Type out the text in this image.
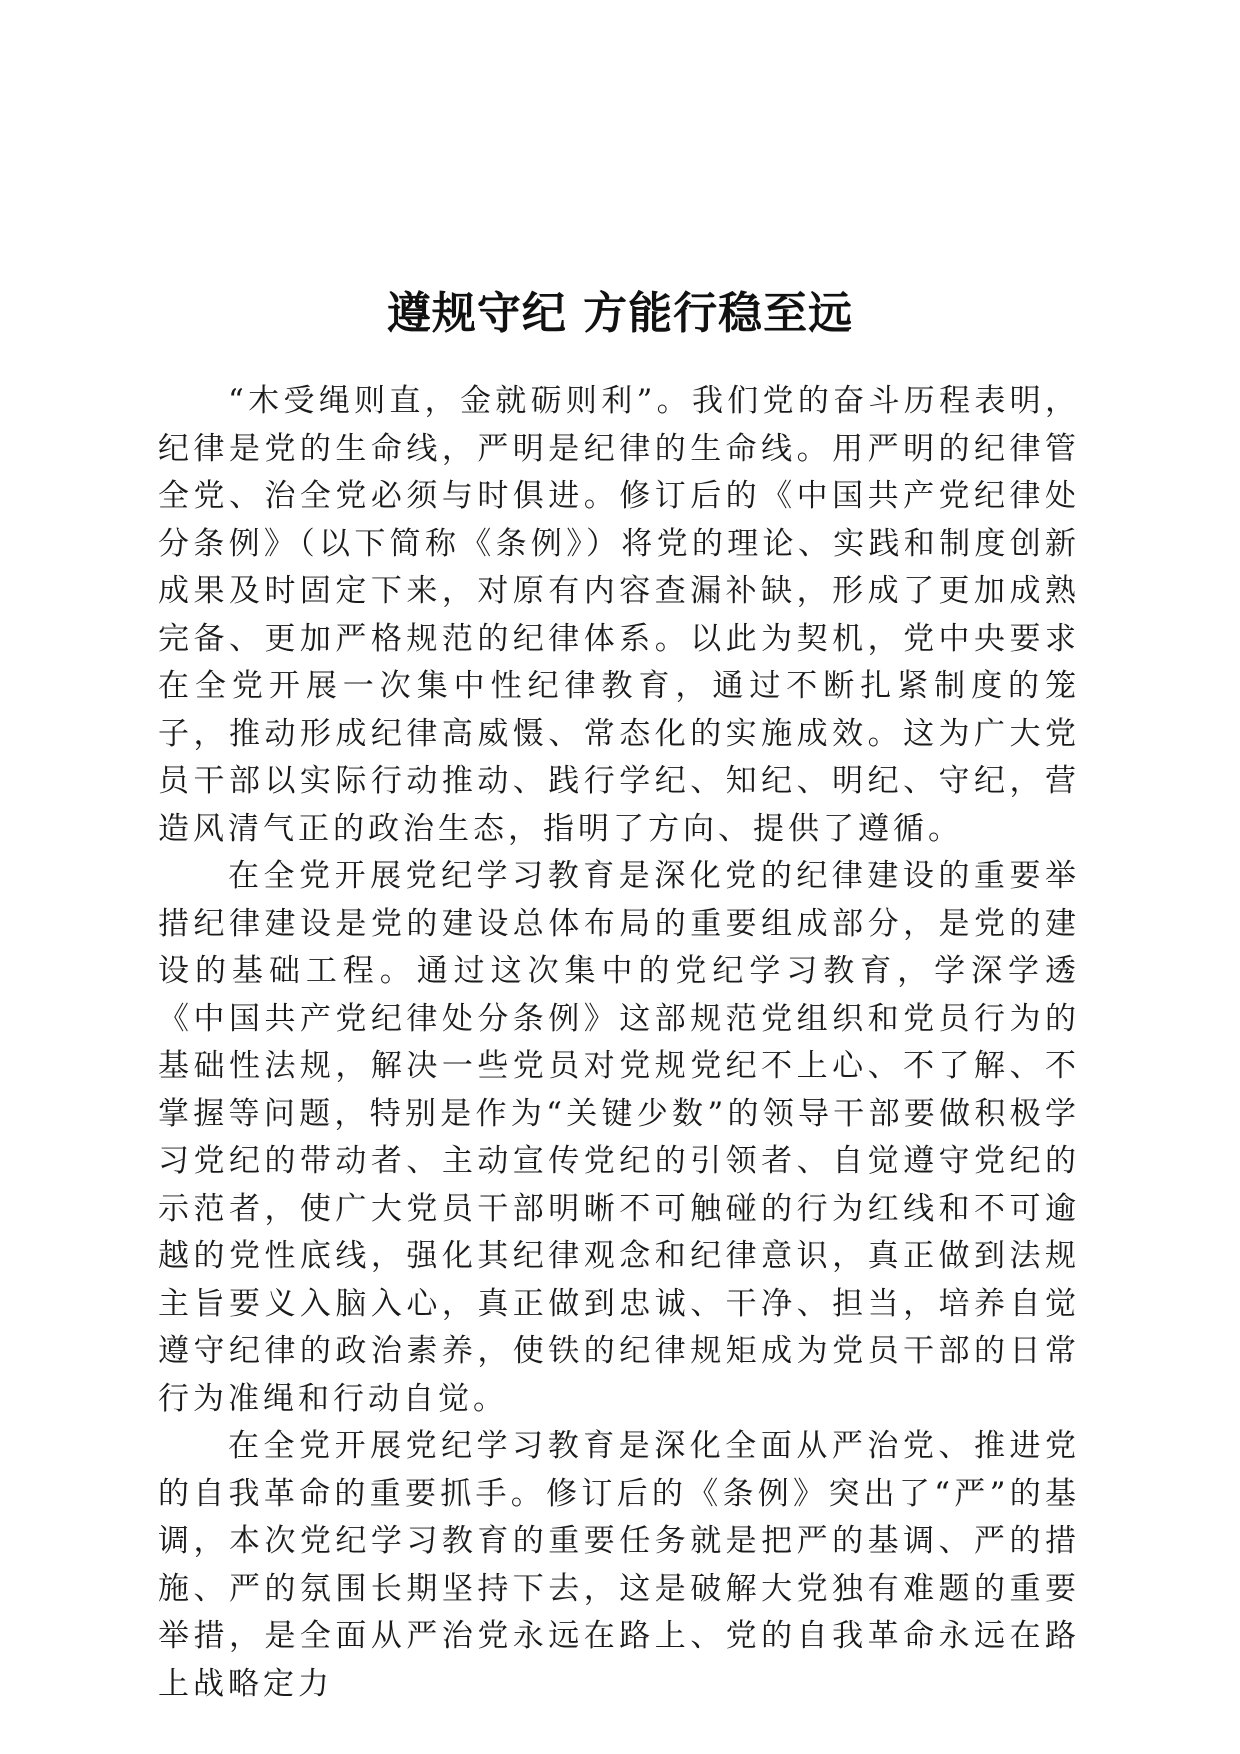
遵规守纪 方能行稳至远

“木受绳则直，金就砺则利”。我们党的奋斗历程表明，纪律是党的生命线，严明是纪律的生命线。用严明的纪律管全党、治全党必须与时俱进。修订后的《中国共产党纪律处分条例》（以下简称《条例》）将党的理论、实践和制度创新成果及时固定下来，对原有内容查漏补缺，形成了更加成熟完备、更加严格规范的纪律体系。以此为契机，党中央要求在全党开展一次集中性纪律教育，通过不断扎紧制度的笼子，推动形成纪律高威慑、常态化的实施成效。这为广大党员干部以实际行动推动、践行学纪、知纪、明纪、守纪，营造风清气正的政治生态，指明了方向、提供了遵循。

在全党开展党纪学习教育是深化党的纪律建设的重要举措纪律建设是党的建设总体布局的重要组成部分，是党的建设的基础工程。通过这次集中的党纪学习教育，学深学透《中国共产党纪律处分条例》这部规范党组织和党员行为的基础性法规，解决一些党员对党规党纪不上心、不了解、不掌握等问题，特别是作为“关键少数”的领导干部要做积极学习党纪的带动者、主动宣传党纪的引领者、自觉遵守党纪的示范者，使广大党员干部明晰不可触碰的行为红线和不可逾越的党性底线，强化其纪律观念和纪律意识，真正做到法规主旨要义入脑入心，真正做到忠诚、干净、担当，培养自觉遵守纪律的政治素养，使铁的纪律规矩成为党员干部的日常行为准绳和行动自觉。

在全党开展党纪学习教育是深化全面从严治党、推进党的自我革命的重要抓手。修订后的《条例》突出了“严”的基调，本次党纪学习教育的重要任务就是把严的基调、严的措施、严的氛围长期坚持下去，这是破解大党独有难题的重要举措，是全面从严治党永远在路上、党的自我革命永远在路上战略定力
